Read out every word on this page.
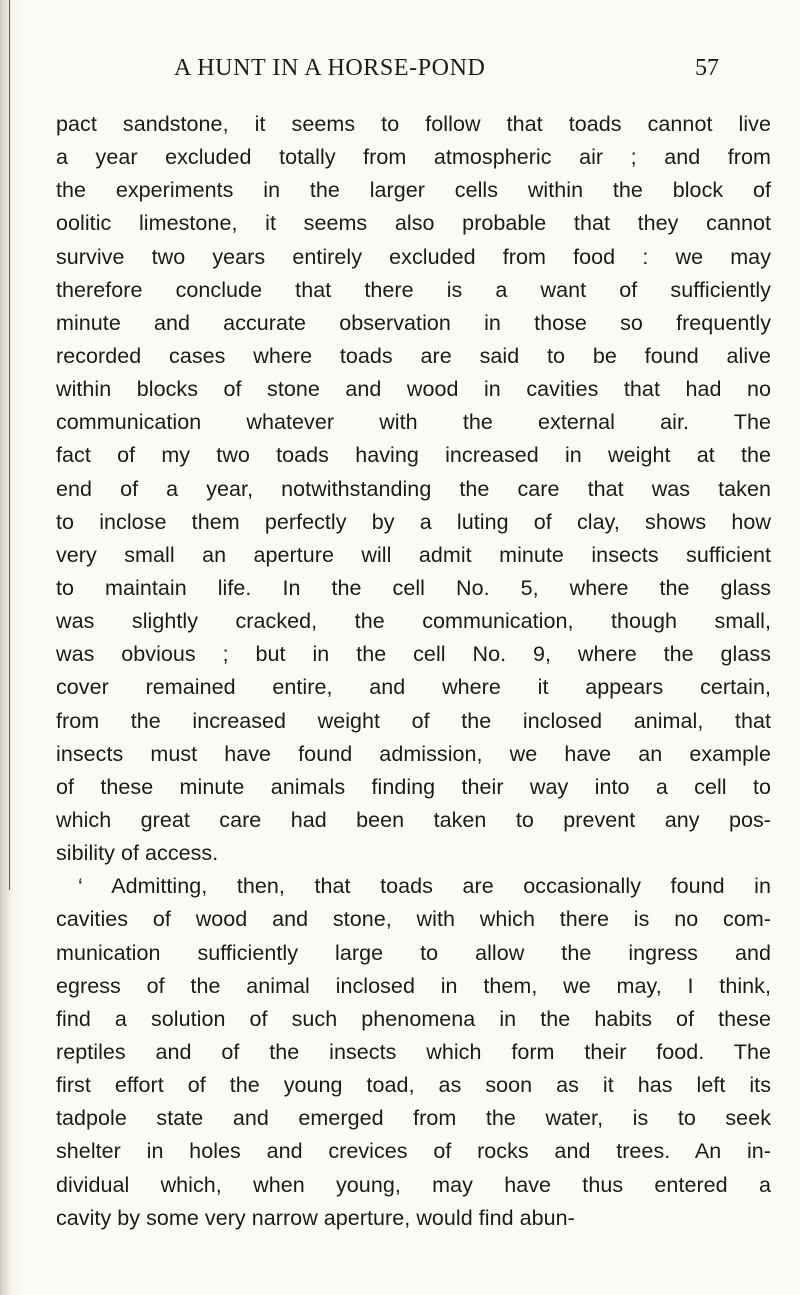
A HUNT IN A HORSE-POND	57
pact sandstone, it seems to follow that toads cannot live
a year excluded totally from atmospheric air ; and from
the experiments in the larger cells within the block of
oolitic limestone, it seems also probable that they cannot
survive two years entirely excluded from food : we may
therefore conclude that there is a want of sufficiently
minute and accurate observation in those so frequently
recorded cases where toads are said to be found alive
within blocks of stone and wood in cavities that had no
communication whatever with the external air. The
fact of my two toads having increased in weight at the
end of a year, notwithstanding the care that was taken
to inclose them perfectly by a luting of clay, shows how
very small an aperture will admit minute insects sufficient
to maintain life. In the cell No. 5, where the glass
was slightly cracked, the communication, though small,
was obvious ; but in the cell No. 9, where the glass
cover remained entire, and where it appears certain,
from the increased weight of the inclosed animal, that
insects must have found admission, we have an example
of these minute animals finding their way into a cell to
which great care had been taken to prevent any pos-
sibility of access.
‘ Admitting, then, that toads are occasionally found in
cavities of wood and stone, with which there is no com-
munication sufficiently large to allow the ingress and
egress of the animal inclosed in them, we may, I think,
find a solution of such phenomena in the habits of these
reptiles and of the insects which form their food. The
first effort of the young toad, as soon as it has left its
tadpole state and emerged from the water, is to seek
shelter in holes and crevices of rocks and trees. An in-
dividual which, when young, may have thus entered a
cavity by some very narrow aperture, would find abun-
